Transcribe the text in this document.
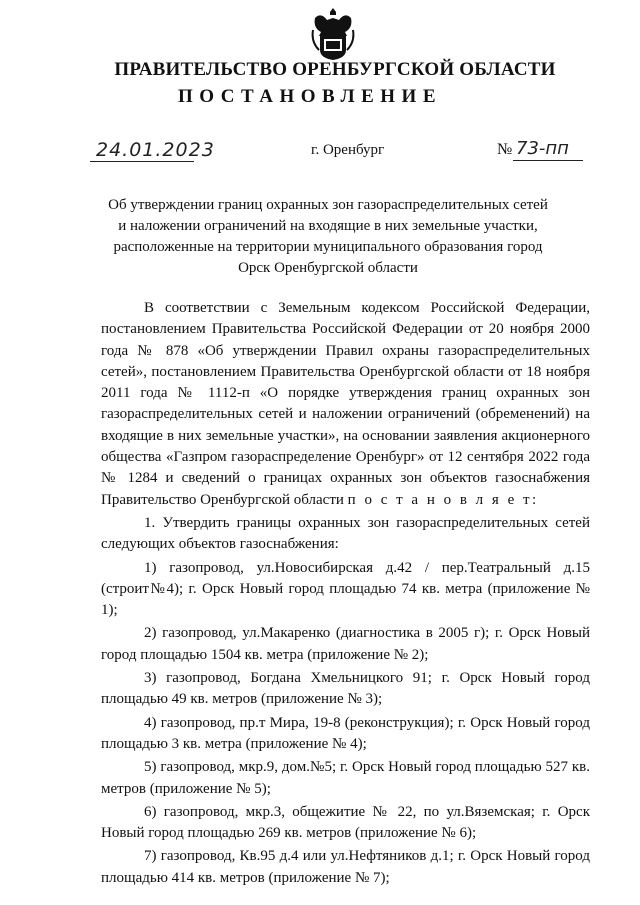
ПРАВИТЕЛЬСТВО ОРЕНБУРГСКОЙ ОБЛАСТИ
ПОСТАНОВЛЕНИЕ
24.01.2023	г. Оренбург	№ 73-пп
Об утверждении границ охранных зон газораспределительных сетей и наложении ограничений на входящие в них земельные участки, расположенные на территории муниципального образования город Орск Оренбургской области

В соответствии с Земельным кодексом Российской Федерации, постановлением Правительства Российской Федерации от 20 ноября 2000 года № 878 «Об утверждении Правил охраны газораспределительных сетей», постановлением Правительства Оренбургской области от 18 ноября 2011 года № 1112-п «О порядке утверждения границ охранных зон газораспределительных сетей и наложении ограничений (обременений) на входящие в них земельные участки», на основании заявления акционерного общества «Газпром газораспределение Оренбург» от 12 сентября 2022 года № 1284 и сведений о границах охранных зон объектов газоснабжения Правительство Оренбургской области п о с т а н о в л я е т:

1. Утвердить границы охранных зон газораспределительных сетей следующих объектов газоснабжения:

1) газопровод, ул.Новосибирская д.42 / пер.Театральный д.15 (строит№4); г. Орск Новый город площадью 74 кв. метра (приложение № 1);

2) газопровод, ул.Макаренко (диагностика в 2005 г); г. Орск Новый город площадью 1504 кв. метра (приложение № 2);

3) газопровод, Богдана Хмельницкого 91; г. Орск Новый город площадью 49 кв. метров (приложение № 3);

4) газопровод, пр.т Мира, 19-8 (реконструкция); г. Орск Новый город площадью 3 кв. метра (приложение № 4);

5) газопровод, мкр.9, дом.№5; г. Орск Новый город площадью 527 кв. метров (приложение № 5);

6) газопровод, мкр.3, общежитие № 22, по ул.Вяземская; г. Орск Новый город площадью 269 кв. метров (приложение № 6);

7) газопровод, Кв.95 д.4 или ул.Нефтяников д.1; г. Орск Новый город площадью 414 кв. метров (приложение № 7);
